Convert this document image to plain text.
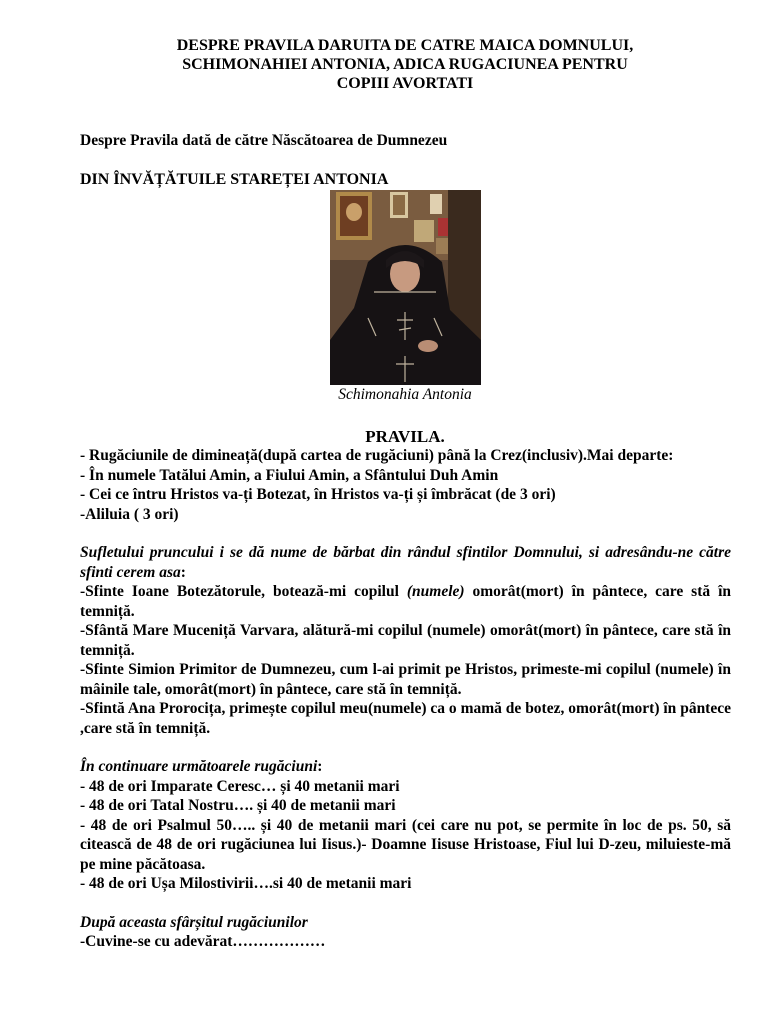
DESPRE PRAVILA DARUITA DE CATRE MAICA DOMNULUI,
SCHIMONAHIEI ANTONIA, ADICA RUGACIUNEA PENTRU
COPIII AVORTATI
Despre Pravila dată de către Născătoarea de Dumnezeu
DIN ÎNVĂȚĂTUILE STAREȚEI ANTONIA
Schimonahia Antonia
PRAVILA.

- Rugăciunile de dimineață(după cartea de rugăciuni) până la Crez(inclusiv).Mai departe:

- În numele Tatălui Amin, a Fiului Amin, a Sfântului Duh Amin

- Cei ce întru Hristos va-ți Botezat, în Hristos va-ți și îmbrăcat (de 3 ori)

-Aliluia ( 3 ori)

Sufletului pruncului i se dă nume de bărbat din rândul sfintilor Domnului, si adresându-ne către sfinti cerem asa:

-Sfinte Ioane Botezătorule, botează-mi copilul (numele) omorât(mort) în pântece, care stă în temniță.

-Sfântă Mare Muceniță Varvara, alătură-mi copilul (numele) omorât(mort) în pântece, care stă în temniță.

-Sfinte Simion Primitor de Dumnezeu, cum l-ai primit pe Hristos, primeste-mi copilul (numele) în mâinile tale, omorât(mort) în pântece, care stă în temniță.

-Sfintă Ana Prorocița, primește copilul meu(numele) ca o mamă de botez, omorât(mort) în pântece ,care stă în temniță.

În continuare următoarele rugăciuni:

- 48 de ori Imparate Ceresc… și 40 metanii mari

- 48 de ori Tatal Nostru…. și 40 de metanii mari

- 48 de ori Psalmul 50….. și 40 de metanii mari (cei care nu pot, se permite în loc de ps. 50, să citească de 48 de ori rugăciunea lui Iisus.)- Doamne Iisuse Hristoase, Fiul lui D-zeu, miluieste-mă pe mine păcătoasa.

- 48 de ori Ușa Milostivirii….si 40 de metanii mari

După aceasta sfârșitul rugăciunilor

-Cuvine-se cu adevărat………………
